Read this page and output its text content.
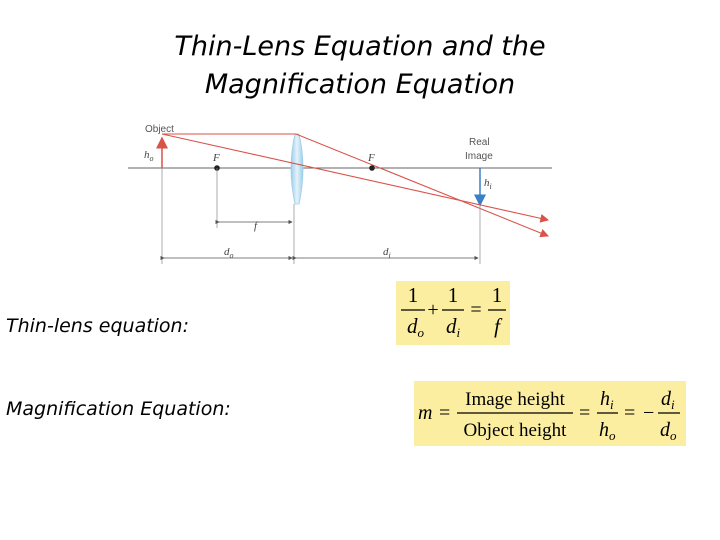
Thin-Lens Equation and the
Magnification Equation
Object
$h_o$	F	F
Real
Image
$h_i$
f
$d_o$	$d_i$
Thin-lens equation:
Magnification Equation:
1
do
+
1
di
=
1
f
m =
Image height
Object height
=
$h_i$
$h_o$
= −
$d_i$
$d_o$
